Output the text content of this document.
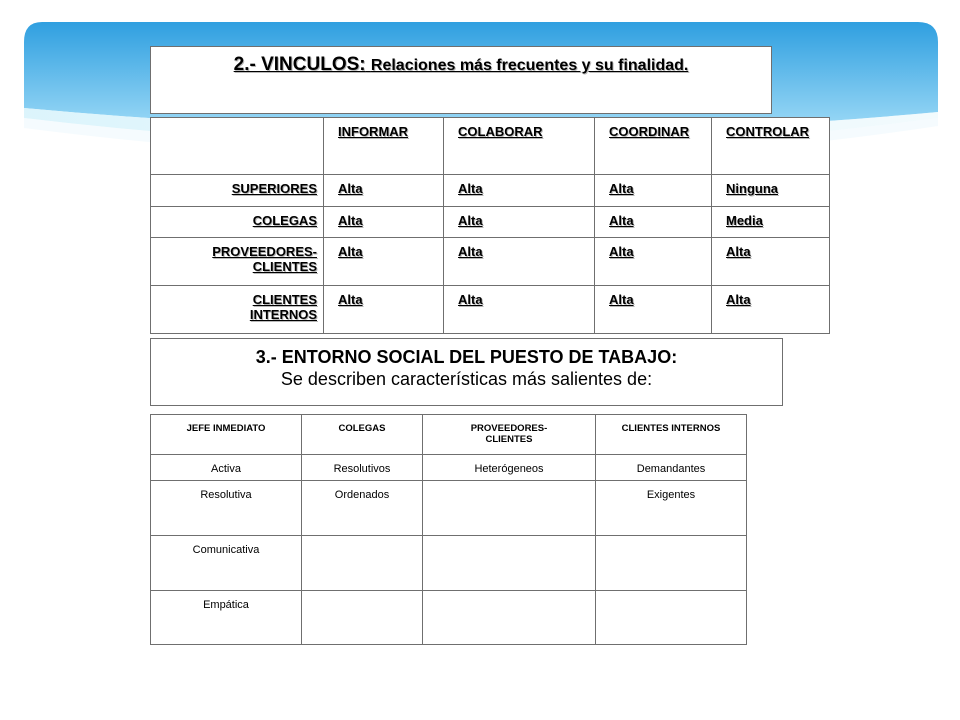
2.- VINCULOS: Relaciones más frecuentes y su finalidad.
	INFORMAR	COLABORAR	COORDINAR	CONTROLAR
SUPERIORES	Alta	Alta	Alta	Ninguna
COLEGAS	Alta	Alta	Alta	Media

PROVEEDORES-
CLIENTES	Alta	Alta	Alta	Alta

CLIENTES
INTERNOS	Alta	Alta	Alta	Alta
3.- ENTORNO SOCIAL DEL PUESTO DE TABAJO:
Se describen características más salientes de:
JEFE INMEDIATO	COLEGAS	PROVEEDORES-
CLIENTES	CLIENTES INTERNOS
Activa	Resolutivos	Heterógeneos	Demandantes
Resolutiva	Ordenados		Exigentes
Comunicativa			
Empática			
